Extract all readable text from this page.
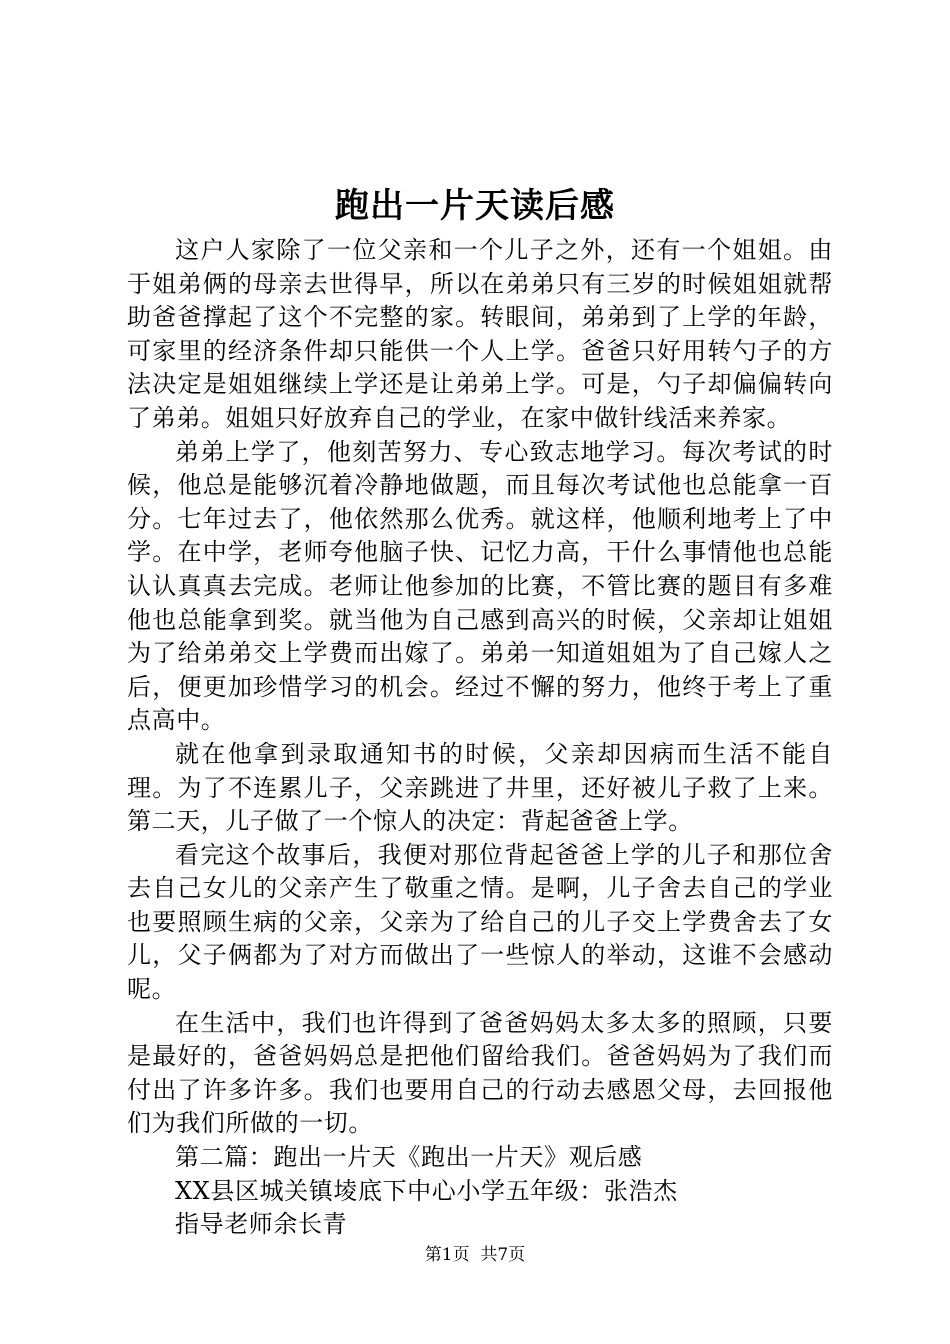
跑出一片天读后感

这户人家除了一位父亲和一个儿子之外，还有一个姐姐。由于姐弟俩的母亲去世得早，所以在弟弟只有三岁的时候姐姐就帮助爸爸撑起了这个不完整的家。转眼间，弟弟到了上学的年龄，可家里的经济条件却只能供一个人上学。爸爸只好用转勺子的方法决定是姐姐继续上学还是让弟弟上学。可是，勺子却偏偏转向了弟弟。姐姐只好放弃自己的学业，在家中做针线活来养家。

弟弟上学了，他刻苦努力、专心致志地学习。每次考试的时候，他总是能够沉着冷静地做题，而且每次考试他也总能拿一百分。七年过去了，他依然那么优秀。就这样，他顺利地考上了中学。在中学，老师夸他脑子快、记忆力高，干什么事情他也总能认认真真去完成。老师让他参加的比赛，不管比赛的题目有多难他也总能拿到奖。就当他为自己感到高兴的时候，父亲却让姐姐为了给弟弟交上学费而出嫁了。弟弟一知道姐姐为了自己嫁人之后，便更加珍惜学习的机会。经过不懈的努力，他终于考上了重点高中。

就在他拿到录取通知书的时候，父亲却因病而生活不能自理。为了不连累儿子，父亲跳进了井里，还好被儿子救了上来。第二天，儿子做了一个惊人的决定：背起爸爸上学。

看完这个故事后，我便对那位背起爸爸上学的儿子和那位舍去自己女儿的父亲产生了敬重之情。是啊，儿子舍去自己的学业也要照顾生病的父亲，父亲为了给自己的儿子交上学费舍去了女儿，父子俩都为了对方而做出了一些惊人的举动，这谁不会感动呢。

在生活中，我们也许得到了爸爸妈妈太多太多的照顾，只要是最好的，爸爸妈妈总是把他们留给我们。爸爸妈妈为了我们而付出了许多许多。我们也要用自己的行动去感恩父母，去回报他们为我们所做的一切。

第二篇：跑出一片天《跑出一片天》观后感

XX县区城关镇堎底下中心小学五年级：张浩杰

指导老师余长青

第1页 共7页
